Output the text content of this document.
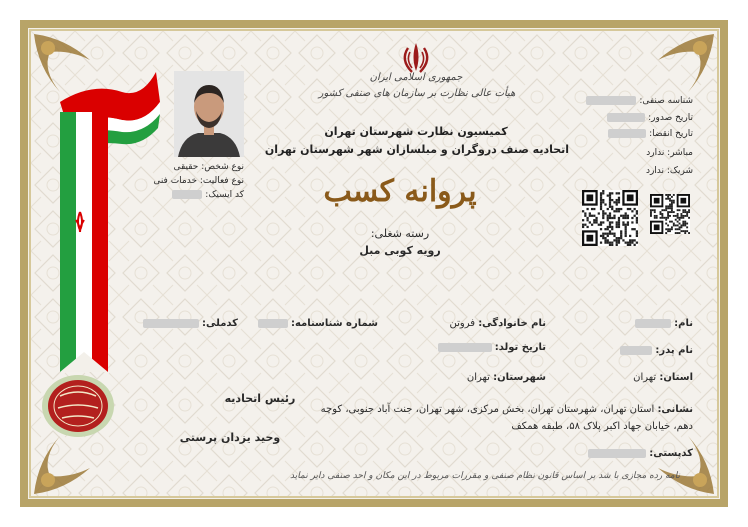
نوع شخص: حقیقی
نوع فعالیت: خدمات فنی
کد ایسیک:
جمهوری اسلامی ایران
هیأت عالی نظارت بر سازمان های صنفی کشور
کمیسیون نظارت شهرستان تهران
اتحادیه صنف دروگران و مبلسازان شهر شهرستان تهران
پروانه کسب
رسته شغلی:
رویه کوبی مبل
شناسه صنفی:
تاریخ صدور:
تاریخ انقضا:
مباشر: ندارد
شریک: ندارد
نام:
نام خانوادگی: فروتن
شماره شناسنامه:
کدملی:
نام پدر:
تاریخ تولد:
استان: تهران
شهرستان: تهران
نشانی: استان تهران، شهرستان تهران، بخش مرکزی، شهر تهران، جنت آباد جنوبی، کوچه
دهم، خیابان جهاد اکبر پلاک ۵۸، طبقه همکف
کدپستی:
رئیس اتحادیه
وحید یزدان پرستی
نامه رده مجازی با شد بر اساس قانون نظام صنفی و مقررات مربوط در این مکان و احد صنفی دایر نماید
